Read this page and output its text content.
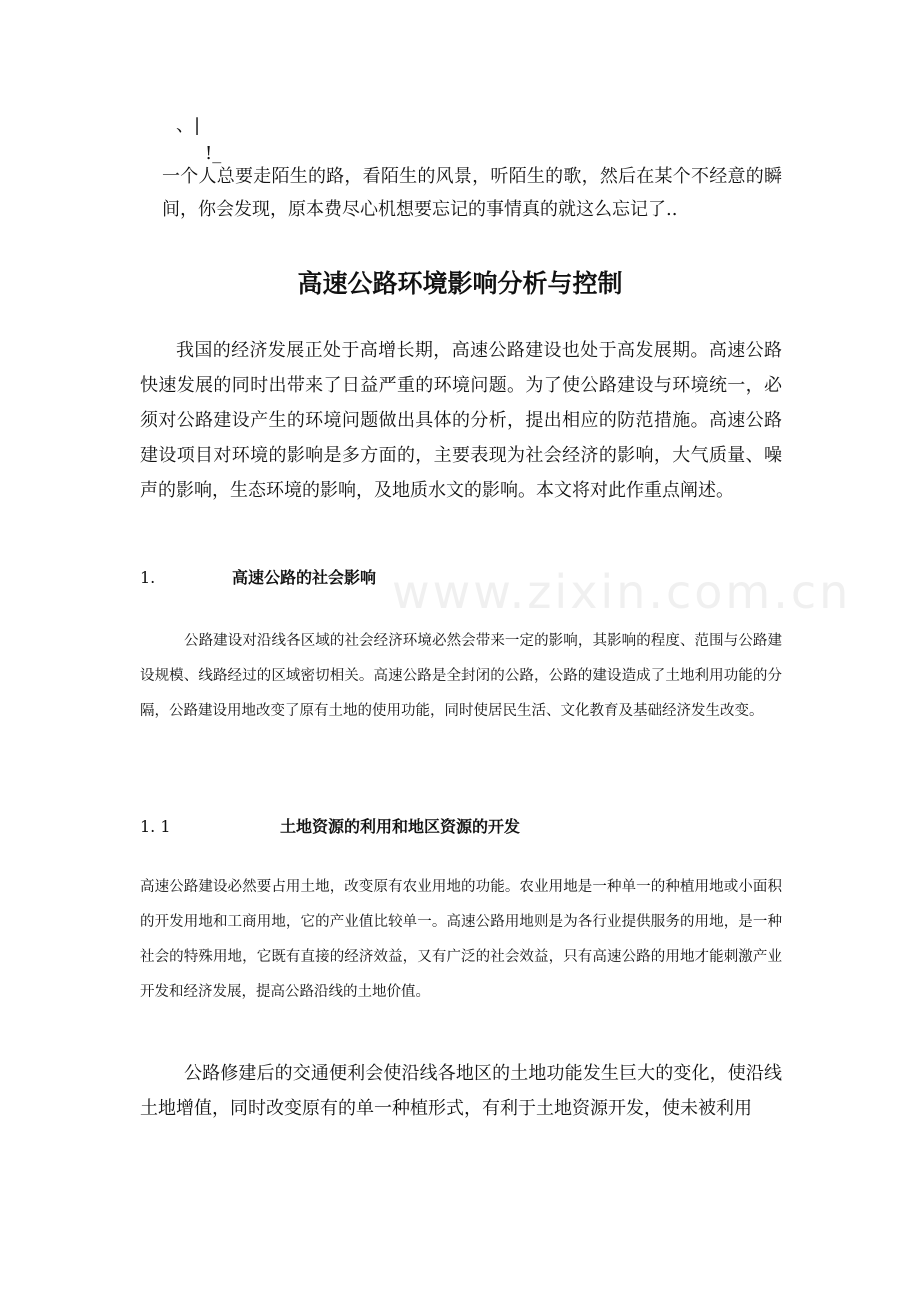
www.zixin.com.cn
、|
!_
一个人总要走陌生的路，看陌生的风景，听陌生的歌，然后在某个不经意的瞬间，你会发现，原本费尽心机想要忘记的事情真的就这么忘记了..
高速公路环境影响分析与控制
我国的经济发展正处于高增长期，高速公路建设也处于高发展期。高速公路快速发展的同时出带来了日益严重的环境问题。为了使公路建设与环境统一，必须对公路建设产生的环境问题做出具体的分析，提出相应的防范措施。高速公路建设项目对环境的影响是多方面的，主要表现为社会经济的影响，大气质量、噪声的影响，生态环境的影响，及地质水文的影响。本文将对此作重点阐述。
1.	高速公路的社会影响
公路建设对沿线各区域的社会经济环境必然会带来一定的影响，其影响的程度、范围与公路建设规模、线路经过的区域密切相关。高速公路是全封闭的公路，公路的建设造成了土地利用功能的分隔，公路建设用地改变了原有土地的使用功能，同时使居民生活、文化教育及基础经济发生改变。
1. 1	土地资源的利用和地区资源的开发
高速公路建设必然要占用土地，改变原有农业用地的功能。农业用地是一种单一的种植用地或小面积的开发用地和工商用地，它的产业值比较单一。高速公路用地则是为各行业提供服务的用地，是一种社会的特殊用地，它既有直接的经济效益，又有广泛的社会效益，只有高速公路的用地才能刺激产业开发和经济发展，提高公路沿线的土地价值。
公路修建后的交通便利会使沿线各地区的土地功能发生巨大的变化，使沿线土地增值，同时改变原有的单一种植形式，有利于土地资源开发，使未被利用
